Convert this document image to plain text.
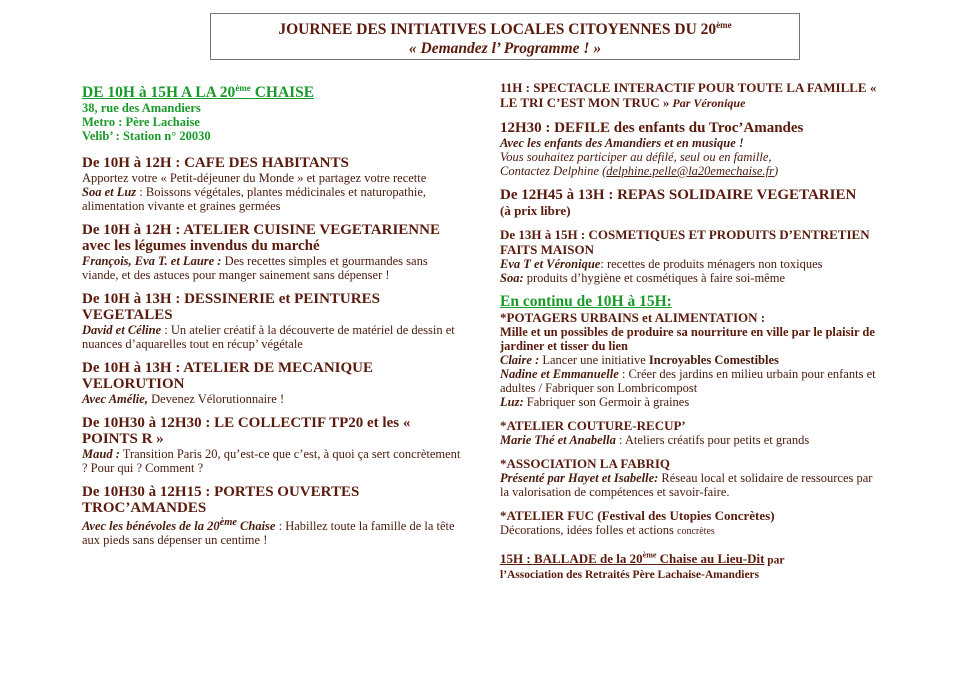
JOURNEE DES INITIATIVES LOCALES CITOYENNES DU 20ème
« Demandez l’ Programme ! »
DE 10H à 15H A LA 20ème CHAISE
38, rue des Amandiers
Metro : Père Lachaise
Velib’ : Station n° 20030
De 10H à 12H : CAFE DES HABITANTS
Apportez votre « Petit-déjeuner du Monde » et partagez votre recette
Soa et Luz : Boissons végétales, plantes médicinales et naturopathie, alimentation vivante et graines germées
De 10H à 12H : ATELIER CUISINE VEGETARIENNE
avec les légumes invendus du marché
François, Eva T. et Laure : Des recettes simples et gourmandes sans viande, et des astuces pour manger sainement sans dépenser !
De 10H à 13H : DESSINERIE et PEINTURES VEGETALES
David et Céline : Un atelier créatif à la découverte de matériel de dessin et nuances d’aquarelles tout en récup’ végétale
De 10H à 13H : ATELIER DE MECANIQUE VELORUTION
Avec Amélie, Devenez Vélorutionnaire !
De 10H30 à 12H30 : LE COLLECTIF TP20 et les « POINTS R »
Maud : Transition Paris 20, qu’est-ce que c’est, à quoi ça sert concrètement ? Pour qui ? Comment ?
De 10H30 à 12H15 : PORTES OUVERTES TROC’AMANDES
Avec les bénévoles de la 20ème Chaise : Habillez toute la famille de la tête aux pieds sans dépenser un centime !
11H : SPECTACLE INTERACTIF POUR TOUTE LA FAMILLE « LE TRI C’EST MON TRUC » Par Véronique
12H30 : DEFILE des enfants du Troc’Amandes
Avec les enfants des Amandiers et en musique !
Vous souhaitez participer au défilé, seul ou en famille,
Contactez Delphine (delphine.pelle@la20emechaise.fr)
De 12H45 à 13H : REPAS SOLIDAIRE VEGETARIEN
(à prix libre)
De 13H à 15H : COSMETIQUES ET PRODUITS D’ENTRETIEN FAITS MAISON
Eva T et Véronique: recettes de produits ménagers non toxiques
Soa: produits d’hygiène et cosmétiques à faire soi-même
En continu de 10H à 15H:
*POTAGERS URBAINS et ALIMENTATION :
Mille et un possibles de produire sa nourriture en ville par le plaisir de jardiner et tisser du lien
Claire : Lancer une initiative Incroyables Comestibles
Nadine et Emmanuelle : Créer des jardins en milieu urbain pour enfants et adultes / Fabriquer son Lombricompost
Luz: Fabriquer son Germoir à graines
*ATELIER COUTURE-RECUP’
Marie Thé et Anabella : Ateliers créatifs pour petits et grands
*ASSOCIATION LA FABRIQ
Présenté par Hayet et Isabelle: Réseau local et solidaire de ressources par la valorisation de compétences et savoir-faire.
*ATELIER FUC (Festival des Utopies Concrètes)
Décorations, idées folles et actions concrètes
15H : BALLADE de la 20ème Chaise au Lieu-Dit par
l’Association des Retraités Père Lachaise-Amandiers
